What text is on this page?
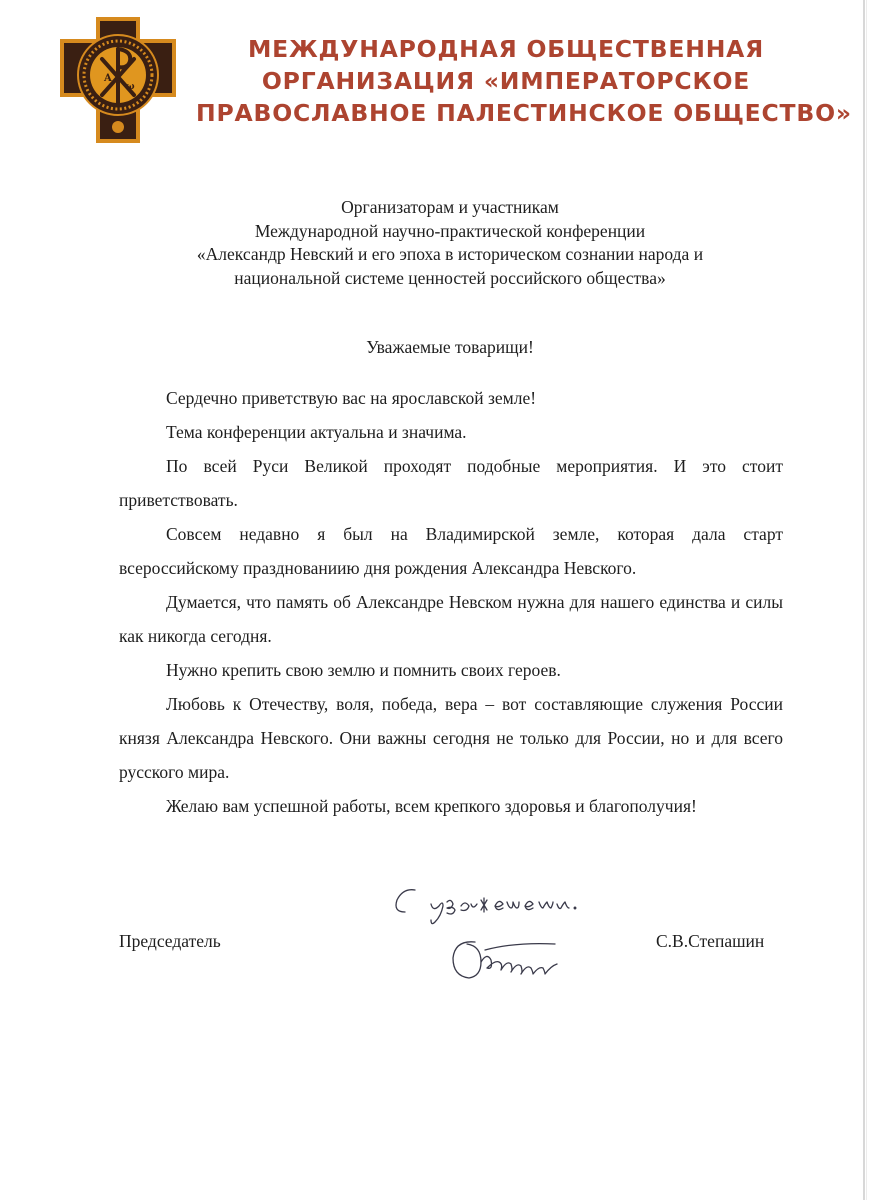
A
ω
МЕЖДУНАРОДНАЯ ОБЩЕСТВЕННАЯ
ОРГАНИЗАЦИЯ «ИМПЕРАТОРСКОЕ
ПРАВОСЛАВНОЕ ПАЛЕСТИНСКОЕ ОБЩЕСТВО»
Организаторам и участникам
Международной научно-практической конференции
«Александр Невский и его эпоха в историческом сознании народа и
национальной системе ценностей российского общества»
Уважаемые товарищи!

Сердечно приветствую вас на ярославской земле!

Тема конференции актуальна и значима.

По всей Руси Великой проходят подобные мероприятия. И это стоит приветствовать.

Совсем недавно я был на Владимирской земле, которая дала старт всероссийскому празднованиию дня рождения Александра Невского.

Думается, что память об Александре Невском нужна для нашего единства и силы как никогда сегодня.

Нужно крепить свою землю и помнить своих героев.

Любовь к Отечеству, воля, победа, вера – вот составляющие служения России князя Александра Невского. Они важны сегодня не только для России, но и для всего русского мира.

Желаю вам успешной работы, всем крепкого здоровья и благополучия!

Председатель	С.В.Степашин
